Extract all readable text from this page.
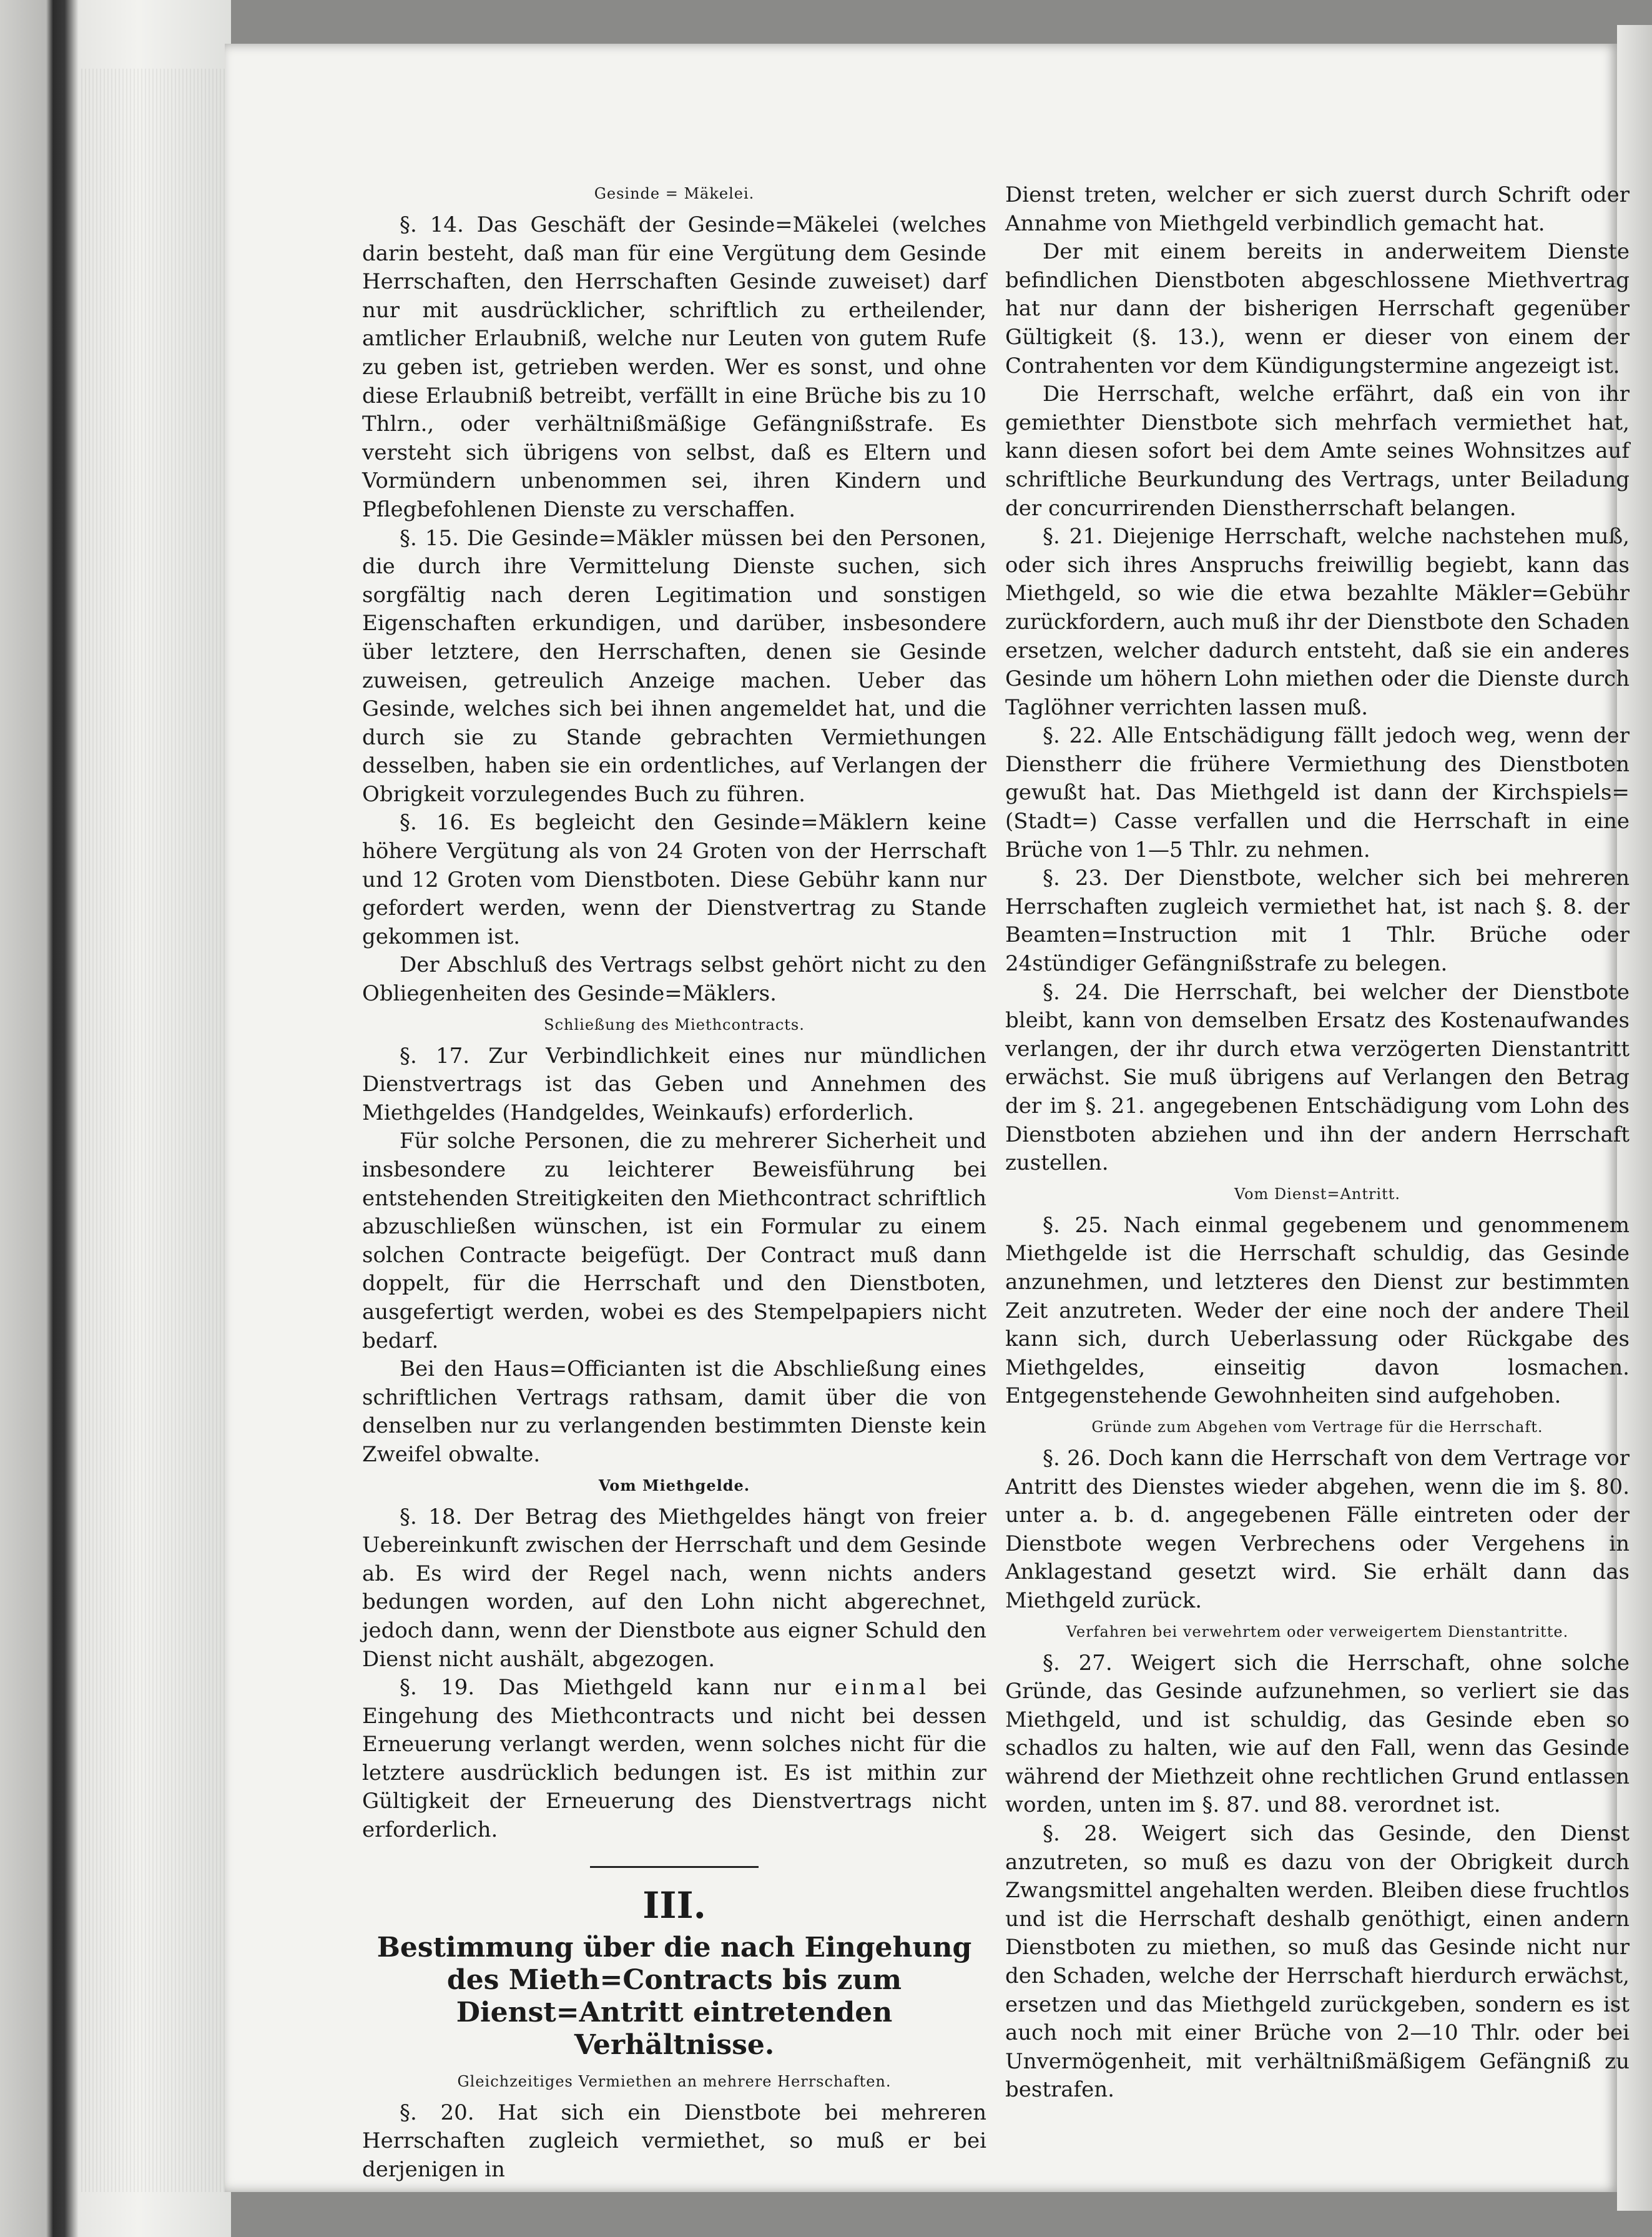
Gesinde = Mäkelei.

§. 14. Das Geschäft der Gesinde=Mäkelei (welches darin besteht, daß man für eine Vergütung dem Gesinde Herrschaften, den Herrschaften Gesinde zuweiset) darf nur mit ausdrücklicher, schriftlich zu ertheilender, amtlicher Erlaubniß, welche nur Leuten von gutem Rufe zu geben ist, getrieben werden. Wer es sonst, und ohne diese Erlaubniß betreibt, verfällt in eine Brüche bis zu 10 Thlrn., oder verhältnißmäßige Gefängnißstrafe. Es versteht sich übrigens von selbst, daß es Eltern und Vormündern unbenommen sei, ihren Kindern und Pflegbefohlenen Dienste zu verschaffen.

§. 15. Die Gesinde=Mäkler müssen bei den Personen, die durch ihre Vermittelung Dienste suchen, sich sorgfältig nach deren Legitimation und sonstigen Eigenschaften erkundigen, und darüber, insbesondere über letztere, den Herrschaften, denen sie Gesinde zuweisen, getreulich Anzeige machen. Ueber das Gesinde, welches sich bei ihnen angemeldet hat, und die durch sie zu Stande gebrachten Vermiethungen desselben, haben sie ein ordentliches, auf Verlangen der Obrigkeit vorzulegendes Buch zu führen.

§. 16. Es begleicht den Gesinde=Mäklern keine höhere Vergütung als von 24 Groten von der Herrschaft und 12 Groten vom Dienstboten. Diese Gebühr kann nur gefordert werden, wenn der Dienstvertrag zu Stande gekommen ist.

Der Abschluß des Vertrags selbst gehört nicht zu den Obliegenheiten des Gesinde=Mäklers.

Schließung des Miethcontracts.

§. 17. Zur Verbindlichkeit eines nur mündlichen Dienstvertrags ist das Geben und Annehmen des Miethgeldes (Handgeldes, Weinkaufs) erforderlich.

Für solche Personen, die zu mehrerer Sicherheit und insbesondere zu leichterer Beweisführung bei entstehenden Streitigkeiten den Miethcontract schriftlich abzuschließen wünschen, ist ein Formular zu einem solchen Contracte beigefügt. Der Contract muß dann doppelt, für die Herrschaft und den Dienstboten, ausgefertigt werden, wobei es des Stempelpapiers nicht bedarf.

Bei den Haus=Officianten ist die Abschließung eines schriftlichen Vertrags rathsam, damit über die von denselben nur zu verlangenden bestimmten Dienste kein Zweifel obwalte.

Vom Miethgelde.

§. 18. Der Betrag des Miethgeldes hängt von freier Uebereinkunft zwischen der Herrschaft und dem Gesinde ab. Es wird der Regel nach, wenn nichts anders bedungen worden, auf den Lohn nicht abgerechnet, jedoch dann, wenn der Dienstbote aus eigner Schuld den Dienst nicht aushält, abgezogen.

§. 19. Das Miethgeld kann nur einmal bei Eingehung des Miethcontracts und nicht bei dessen Erneuerung verlangt werden, wenn solches nicht für die letztere ausdrücklich bedungen ist. Es ist mithin zur Gültigkeit der Erneuerung des Dienstvertrags nicht erforderlich.

III.
Bestimmung über die nach Eingehung des Mieth=Contracts bis zum Dienst=Antritt eintretenden Verhältnisse.
Gleichzeitiges Vermiethen an mehrere Herrschaften.

§. 20. Hat sich ein Dienstbote bei mehreren Herrschaften zugleich vermiethet, so muß er bei derjenigen in

Dienst treten, welcher er sich zuerst durch Schrift oder Annahme von Miethgeld verbindlich gemacht hat.

Der mit einem bereits in anderweitem Dienste befindlichen Dienstboten abgeschlossene Miethvertrag hat nur dann der bisherigen Herrschaft gegenüber Gültigkeit (§. 13.), wenn er dieser von einem der Contrahenten vor dem Kündigungstermine angezeigt ist.

Die Herrschaft, welche erfährt, daß ein von ihr gemiethter Dienstbote sich mehrfach vermiethet hat, kann diesen sofort bei dem Amte seines Wohnsitzes auf schriftliche Beurkundung des Vertrags, unter Beiladung der concurrirenden Dienstherrschaft belangen.

§. 21. Diejenige Herrschaft, welche nachstehen muß, oder sich ihres Anspruchs freiwillig begiebt, kann das Miethgeld, so wie die etwa bezahlte Mäkler=Gebühr zurückfordern, auch muß ihr der Dienstbote den Schaden ersetzen, welcher dadurch entsteht, daß sie ein anderes Gesinde um höhern Lohn miethen oder die Dienste durch Taglöhner verrichten lassen muß.

§. 22. Alle Entschädigung fällt jedoch weg, wenn der Dienstherr die frühere Vermiethung des Dienstboten gewußt hat. Das Miethgeld ist dann der Kirchspiels=(Stadt=) Casse verfallen und die Herrschaft in eine Brüche von 1—5 Thlr. zu nehmen.

§. 23. Der Dienstbote, welcher sich bei mehreren Herrschaften zugleich vermiethet hat, ist nach §. 8. der Beamten=Instruction mit 1 Thlr. Brüche oder 24stündiger Gefängnißstrafe zu belegen.

§. 24. Die Herrschaft, bei welcher der Dienstbote bleibt, kann von demselben Ersatz des Kostenaufwandes verlangen, der ihr durch etwa verzögerten Dienstantritt erwächst. Sie muß übrigens auf Verlangen den Betrag der im §. 21. angegebenen Entschädigung vom Lohn des Dienstboten abziehen und ihn der andern Herrschaft zustellen.

Vom Dienst=Antritt.

§. 25. Nach einmal gegebenem und genommenem Miethgelde ist die Herrschaft schuldig, das Gesinde anzunehmen, und letzteres den Dienst zur bestimmten Zeit anzutreten. Weder der eine noch der andere Theil kann sich, durch Ueberlassung oder Rückgabe des Miethgeldes, einseitig davon losmachen. Entgegenstehende Gewohnheiten sind aufgehoben.

Gründe zum Abgehen vom Vertrage für die Herrschaft.

§. 26. Doch kann die Herrschaft von dem Vertrage vor Antritt des Dienstes wieder abgehen, wenn die im §. 80. unter a. b. d. angegebenen Fälle eintreten oder der Dienstbote wegen Verbrechens oder Vergehens in Anklagestand gesetzt wird. Sie erhält dann das Miethgeld zurück.

Verfahren bei verwehrtem oder verweigertem Dienstantritte.

§. 27. Weigert sich die Herrschaft, ohne solche Gründe, das Gesinde aufzunehmen, so verliert sie das Miethgeld, und ist schuldig, das Gesinde eben so schadlos zu halten, wie auf den Fall, wenn das Gesinde während der Miethzeit ohne rechtlichen Grund entlassen worden, unten im §. 87. und 88. verordnet ist.

§. 28. Weigert sich das Gesinde, den Dienst anzutreten, so muß es dazu von der Obrigkeit durch Zwangsmittel angehalten werden. Bleiben diese fruchtlos und ist die Herrschaft deshalb genöthigt, einen andern Dienstboten zu miethen, so muß das Gesinde nicht nur den Schaden, welche der Herrschaft hierdurch erwächst, ersetzen und das Miethgeld zurückgeben, sondern es ist auch noch mit einer Brüche von 2—10 Thlr. oder bei Unvermögenheit, mit verhältnißmäßigem Gefängniß zu bestrafen.
